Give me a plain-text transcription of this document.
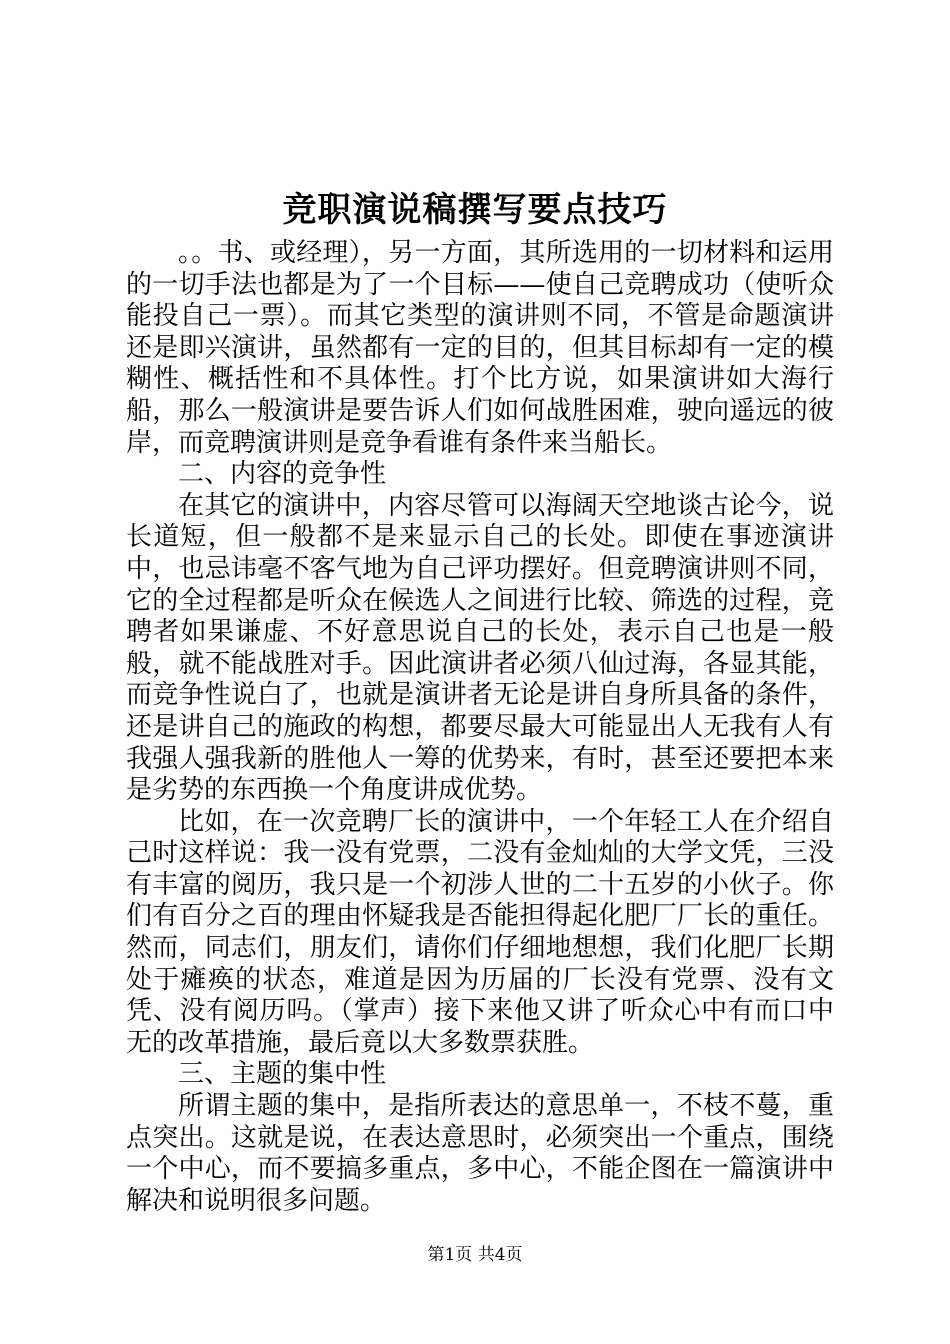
竞职演说稿撰写要点技巧

。。书、或经理），另一方面，其所选用的一切材料和运用的一切手法也都是为了一个目标——使自己竞聘成功（使听众能投自己一票）。而其它类型的演讲则不同，不管是命题演讲还是即兴演讲，虽然都有一定的目的，但其目标却有一定的模糊性、概括性和不具体性。打个比方说，如果演讲如大海行船，那么一般演讲是要告诉人们如何战胜困难，驶向遥远的彼岸，而竞聘演讲则是竞争看谁有条件来当船长。

二、内容的竞争性

在其它的演讲中，内容尽管可以海阔天空地谈古论今，说长道短，但一般都不是来显示自己的长处。即使在事迹演讲中，也忌讳毫不客气地为自己评功摆好。但竞聘演讲则不同，它的全过程都是听众在候选人之间进行比较、筛选的过程，竞聘者如果谦虚、不好意思说自己的长处，表示自己也是一般般，就不能战胜对手。因此演讲者必须八仙过海，各显其能，而竞争性说白了，也就是演讲者无论是讲自身所具备的条件，还是讲自己的施政的构想，都要尽最大可能显出人无我有人有我强人强我新的胜他人一筹的优势来，有时，甚至还要把本来是劣势的东西换一个角度讲成优势。

比如，在一次竞聘厂长的演讲中，一个年轻工人在介绍自己时这样说：我一没有党票，二没有金灿灿的大学文凭，三没有丰富的阅历，我只是一个初涉人世的二十五岁的小伙子。你们有百分之百的理由怀疑我是否能担得起化肥厂厂长的重任。然而，同志们，朋友们，请你们仔细地想想，我们化肥厂长期处于瘫痪的状态，难道是因为历届的厂长没有党票、没有文凭、没有阅历吗。（掌声）接下来他又讲了听众心中有而口中无的改革措施，最后竟以大多数票获胜。

三、主题的集中性

所谓主题的集中，是指所表达的意思单一，不枝不蔓，重点突出。这就是说，在表达意思时，必须突出一个重点，围绕一个中心，而不要搞多重点，多中心，不能企图在一篇演讲中解决和说明很多问题。

第1页 共4页
